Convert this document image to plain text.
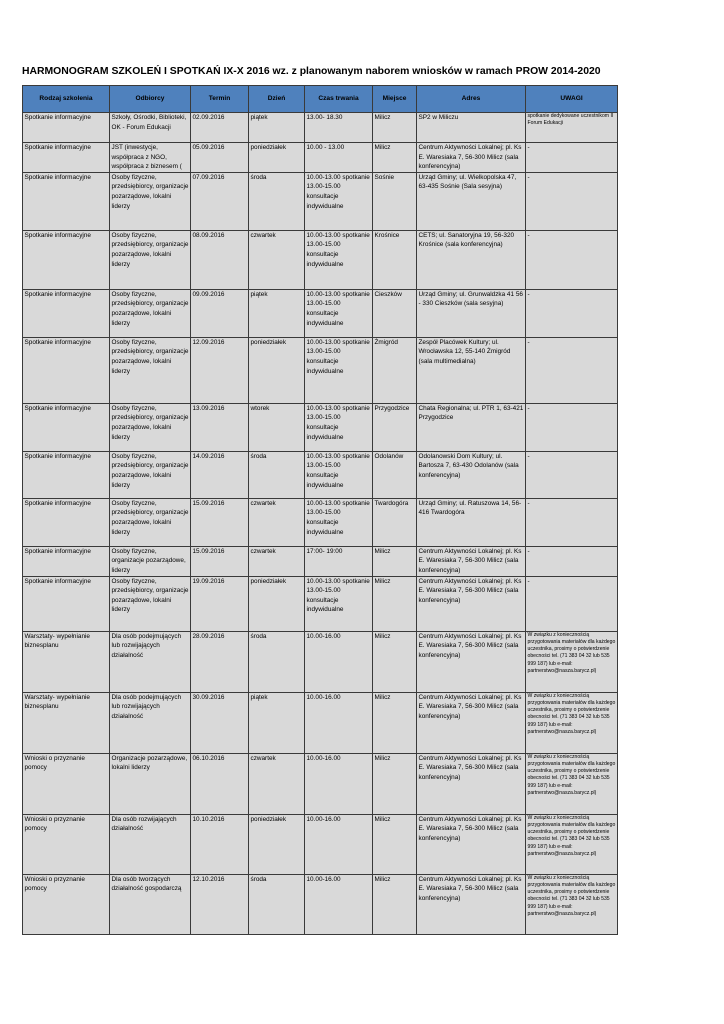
HARMONOGRAM SZKOLEŃ I SPOTKAŃ IX-X 2016 wz. z planowanym naborem wniosków w ramach PROW 2014-2020
Rodzaj szkolenia	Odbiorcy	Termin	Dzień	Czas trwania	Miejsce	Adres	UWAGI
Spotkanie informacyjne	Szkoły, Ośrodki, Biblioteki, OK - Forum Edukacji	02.09.2016	piątek	13.00- 18.30	Milicz	SP2 w Miliczu	spotkanie dedykowane uczestnikom II Forum Edukacji
Spotkanie informacyjne	JST (inwestycje, współpraca z NGO, współpraca z biznesem (	05.09.2016	poniedziałek	10.00 - 13.00	Milicz	Centrum Aktywności Lokalnej; pl. Ks E. Waresiaka 7, 56-300 Milicz (sala konferencyjna)	-
Spotkanie informacyjne	Osoby fizyczne, przedsiębiorcy, organizacje pozarządowe, lokalni liderzy	07.09.2016	środa	10.00-13.00 spotkanie 13.00-15.00 konsultacje indywidualne	Sośnie	Urząd Gminy; ul. Wielkopolska 47, 63-435 Sośnie (Sala sesyjna)	-
Spotkanie informacyjne	Osoby fizyczne, przedsiębiorcy, organizacje pozarządowe, lokalni liderzy	08.09.2016	czwartek	10.00-13.00 spotkanie 13.00-15.00 konsultacje indywidualne	Krośnice	CETS; ul. Sanatoryjna 19, 56-320 Krośnice (sala konferencyjna)	-
Spotkanie informacyjne	Osoby fizyczne, przedsiębiorcy, organizacje pozarządowe, lokalni liderzy	09.09.2016	piątek	10.00-13.00 spotkanie 13.00-15.00 konsultacje indywidualne	Cieszków	Urząd Gminy; ul. Grunwaldzka 41 56 - 330 Cieszków (sala sesyjna)	-
Spotkanie informacyjne	Osoby fizyczne, przedsiębiorcy, organizacje pozarządowe, lokalni liderzy	12.09.2016	poniedziałek	10.00-13.00 spotkanie 13.00-15.00 konsultacje indywidualne	Żmigród	Zespół Placówek Kultury; ul. Wrocławska 12, 55-140 Żmigród (sala multimedialna)	-
Spotkanie informacyjne	Osoby fizyczne, przedsiębiorcy, organizacje pozarządowe, lokalni liderzy	13.09.2016	wtorek	10.00-13.00 spotkanie 13.00-15.00 konsultacje indywidualne	Przygodzice	Chata Regionalna; ul. PTR 1, 63-421 Przygodzice	-
Spotkanie informacyjne	Osoby fizyczne, przedsiębiorcy, organizacje pozarządowe, lokalni liderzy	14.09.2016	środa	10.00-13.00 spotkanie 13.00-15.00 konsultacje indywidualne	Odolanów	Odolanowski Dom Kultury; ul. Bartosza 7, 63-430 Odolanów (sala konferencyjna)	-
Spotkanie informacyjne	Osoby fizyczne, przedsiębiorcy, organizacje pozarządowe, lokalni liderzy	15.09.2016	czwartek	10.00-13.00 spotkanie 13.00-15.00 konsultacje indywidualne	Twardogóra	Urząd Gminy; ul. Ratuszowa 14, 56-416 Twardogóra	-
Spotkanie informacyjne	Osoby fizyczne, organizacje pozarządowe, liderzy	15.09.2016	czwartek	17:00- 19:00	Milicz	Centrum Aktywności Lokalnej; pl. Ks E. Waresiaka 7, 56-300 Milicz (sala konferencyjna)	-
Spotkanie informacyjne	Osoby fizyczne, przedsiębiorcy, organizacje pozarządowe, lokalni liderzy	19.09.2016	poniedziałek	10.00-13.00 spotkanie 13.00-15.00 konsultacje indywidualne	Milicz	Centrum Aktywności Lokalnej; pl. Ks E. Waresiaka 7, 56-300 Milicz (sala konferencyjna)	-
Warsztaty- wypełnianie biznesplanu	Dla osób podejmujących lub rozwijających działalność	28.09.2016	środa	10.00-16.00	Milicz	Centrum Aktywności Lokalnej; pl. Ks E. Waresiaka 7, 56-300 Milicz (sala konferencyjna)	W związku z koniecznością przygotowania materiałów dla każdego uczestnika, prosimy o potwierdzenie obecności tel. (71 383 04 32 lub 535 999 187) lub e-mail: partnerstwo@nasza.barycz.pl)
Warsztaty- wypełnianie biznesplanu	Dla osób podejmujących lub rozwijających działalność	30.09.2016	piątek	10.00-16.00	Milicz	Centrum Aktywności Lokalnej; pl. Ks E. Waresiaka 7, 56-300 Milicz (sala konferencyjna)	W związku z koniecznością przygotowania materiałów dla każdego uczestnika, prosimy o potwierdzenie obecności tel. (71 383 04 32 lub 535 999 187) lub e-mail: partnerstwo@nasza.barycz.pl)
Wnioski o przyznanie pomocy	Organizacje pozarządowe, lokalni liderzy	06.10.2016	czwartek	10.00-16.00	Milicz	Centrum Aktywności Lokalnej; pl. Ks E. Waresiaka 7, 56-300 Milicz (sala konferencyjna)	W związku z koniecznością przygotowania materiałów dla każdego uczestnika, prosimy o potwierdzenie obecności tel. (71 383 04 32 lub 535 999 187) lub e-mail: partnerstwo@nasza.barycz.pl)
Wnioski o przyznanie pomocy	Dla osób rozwijających działalność	10.10.2016	poniedziałek	10.00-16.00	Milicz	Centrum Aktywności Lokalnej; pl. Ks E. Waresiaka 7, 56-300 Milicz (sala konferencyjna)	W związku z koniecznością przygotowania materiałów dla każdego uczestnika, prosimy o potwierdzenie obecności tel. (71 383 04 32 lub 535 999 187) lub e-mail: partnerstwo@nasza.barycz.pl)
Wnioski o przyznanie pomocy	Dla osób tworzących działalność gospodarczą	12.10.2016	środa	10.00-16.00	Milicz	Centrum Aktywności Lokalnej; pl. Ks E. Waresiaka 7, 56-300 Milicz (sala konferencyjna)	W związku z koniecznością przygotowania materiałów dla każdego uczestnika, prosimy o potwierdzenie obecności tel. (71 383 04 32 lub 535 999 187) lub e-mail: partnerstwo@nasza.barycz.pl)
